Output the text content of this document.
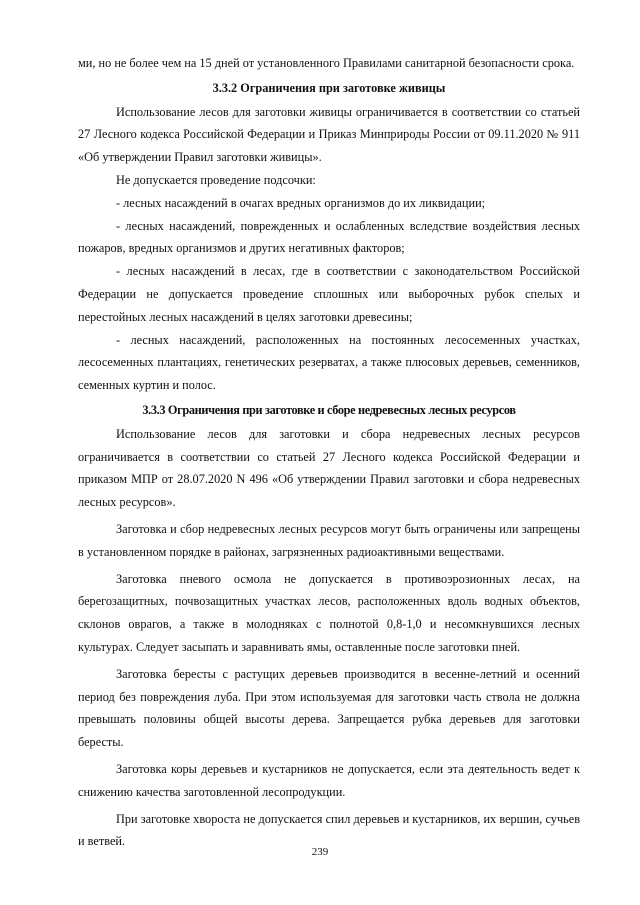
ми, но не более чем на 15 дней от установленного Правилами санитарной безопасности срока.

3.3.2 Ограничения при заготовке живицы

Использование лесов для заготовки живицы ограничивается в соответствии со статьей 27 Лесного кодекса Российской Федерации и Приказ Минприроды России от 09.11.2020 № 911 «Об утверждении Правил заготовки живицы».

Не допускается проведение подсочки:

- лесных насаждений в очагах вредных организмов до их ликвидации;

- лесных насаждений, поврежденных и ослабленных вследствие воздействия лесных пожаров, вредных организмов и других негативных факторов;

- лесных насаждений в лесах, где в соответствии с законодательством Российской Федерации не допускается проведение сплошных или выборочных рубок спелых и перестойных лесных насаждений в целях заготовки древесины;

- лесных насаждений, расположенных на постоянных лесосеменных участках, лесосеменных плантациях, генетических резерватах, а также плюсовых деревьев, семенников, семенных куртин и полос.

3.3.3 Ограничения при заготовке и сборе недревесных лесных ресурсов

Использование лесов для заготовки и сбора недревесных лесных ресурсов ограничивается в соответствии со статьей 27 Лесного кодекса Российской Федерации и приказом МПР от 28.07.2020 N 496 «Об утверждении Правил заготовки и сбора недревесных лесных ресурсов».

Заготовка и сбор недревесных лесных ресурсов могут быть ограничены или запрещены в установленном порядке в районах, загрязненных радиоактивными веществами.

Заготовка пневого осмола не допускается в противоэрозионных лесах, на берегозащитных, почвозащитных участках лесов, расположенных вдоль водных объектов, склонов оврагов, а также в молодняках с полнотой 0,8-1,0 и несомкнувшихся лесных культурах. Следует засыпать и заравнивать ямы, оставленные после заготовки пней.

Заготовка бересты с растущих деревьев производится в весенне-летний и осенний период без повреждения луба. При этом используемая для заготовки часть ствола не должна превышать половины общей высоты дерева. Запрещается рубка деревьев для заготовки бересты.

Заготовка коры деревьев и кустарников не допускается, если эта деятельность ведет к снижению качества заготовленной лесопродукции.

При заготовке хвороста не допускается спил деревьев и кустарников, их вершин, сучьев и ветвей.

239
